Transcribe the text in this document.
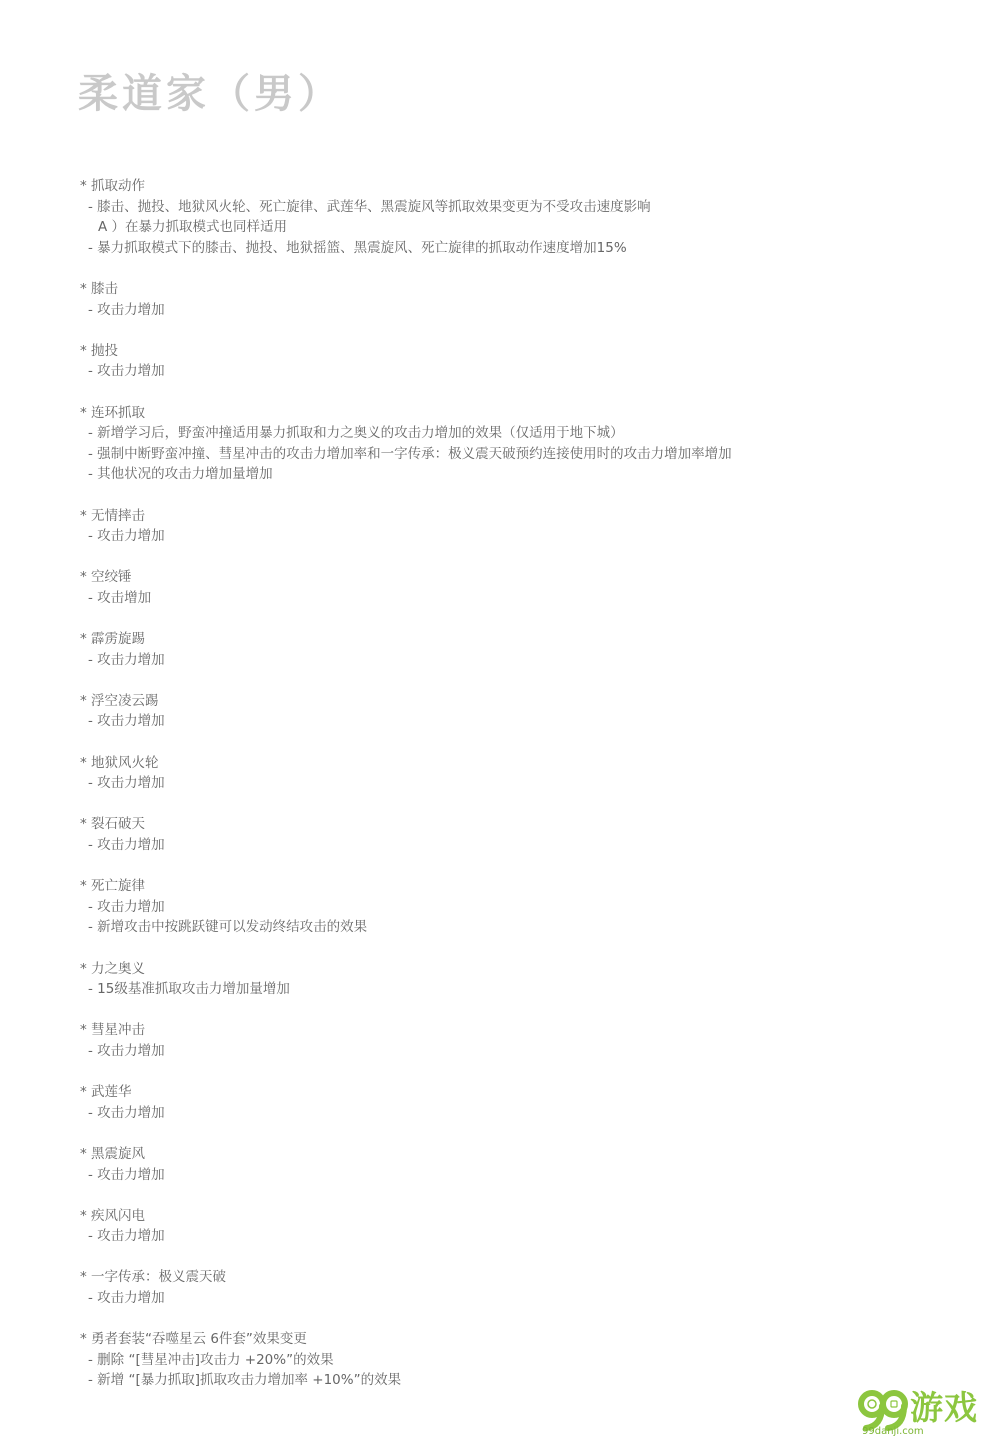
柔道家（男）
* 抓取动作
- 膝击、抛投、地狱风火轮、死亡旋律、武莲华、黑震旋风等抓取效果变更为不受攻击速度影响
A ）在暴力抓取模式也同样适用
- 暴力抓取模式下的膝击、抛投、地狱摇篮、黑震旋风、死亡旋律的抓取动作速度增加15%
* 膝击
- 攻击力增加
* 抛投
- 攻击力增加
* 连环抓取
- 新增学习后，野蛮冲撞适用暴力抓取和力之奥义的攻击力增加的效果（仅适用于地下城）
- 强制中断野蛮冲撞、彗星冲击的攻击力增加率和一字传承：极义震天破预约连接使用时的攻击力增加率增加
- 其他状况的攻击力增加量增加
* 无情摔击
- 攻击力增加
* 空绞锤
- 攻击增加
* 霹雳旋踢
- 攻击力增加
* 浮空凌云踢
- 攻击力增加
* 地狱风火轮
- 攻击力增加
* 裂石破天
- 攻击力增加
* 死亡旋律
- 攻击力增加
- 新增攻击中按跳跃键可以发动终结攻击的效果
* 力之奥义
- 15级基准抓取攻击力增加量增加
* 彗星冲击
- 攻击力增加
* 武莲华
- 攻击力增加
* 黑震旋风
- 攻击力增加
* 疾风闪电
- 攻击力增加
* 一字传承：极义震天破
- 攻击力增加
* 勇者套装“吞噬星云 6件套”效果变更
- 删除 “[彗星冲击]攻击力 +20%”的效果
- 新增 “[暴力抓取]抓取攻击力增加率 +10%”的效果
游戏
99danji.com
